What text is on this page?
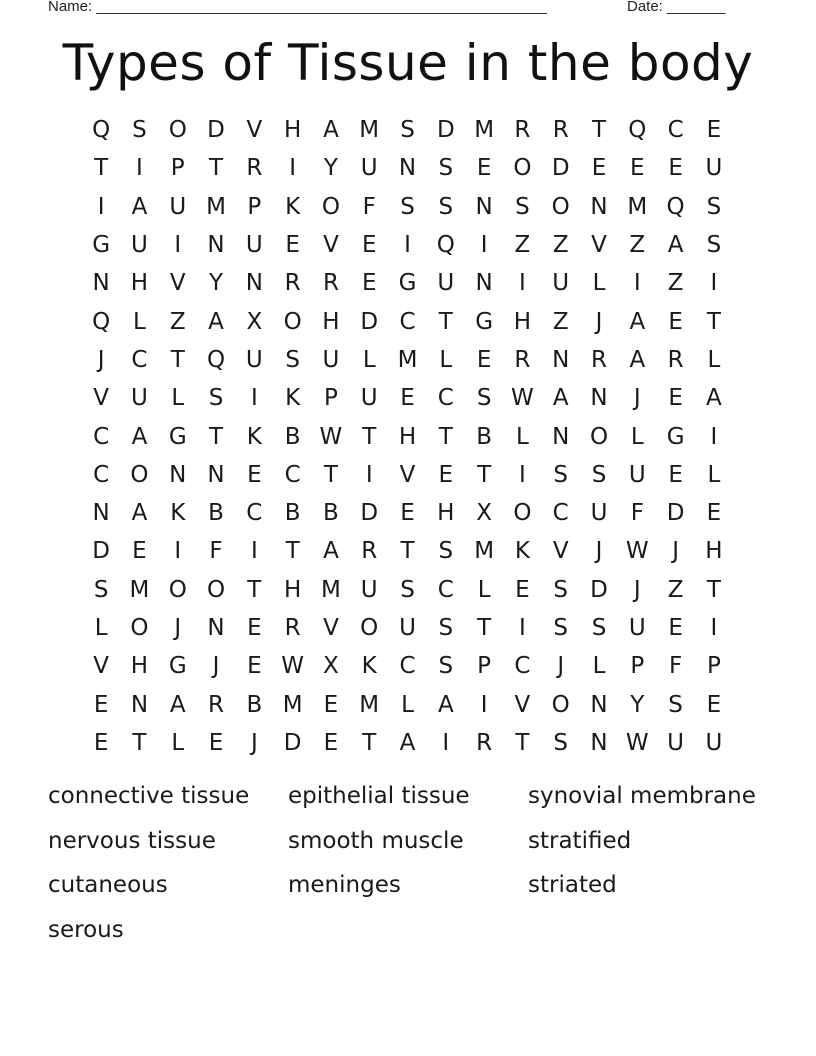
Name: ______________________________________________________	Date: _______
Types of Tissue in the body
Q S O D V H A M S D M R R	T Q C	E
T	I	P	T	R	I	Y U N S	E O D E	E	E U
I	A U M P	K O F	S	S N S O N M Q S
G U	I	N U E	V	E	I	Q	I	Z Z V Z A	S
N H V	Y N R R	E G U N	I	U	L	I	Z	I
Q L	Z A X O H D C	T G H Z	J	A	E	T
J	C	T Q U S U	L M L	E	R N R A R	L
V U	L	S	I	K	P U E C S W A N	J	E	A
C A G T	K B W T H T	B	L	N O L G	I
C O N N E C	T	I	V	E	T	I	S	S U E	L
N A K B C B B D E H X O C U	F D E
D E	I	F	I	T	A R	T	S M K V	J	W	J	H
S M O O T H M U S C	L	E	S D	J	Z	T
L O	J	N E	R V O U S	T	I	S	S U E	I
V H G	J	E W X K C S	P	C	J	L	P	F	P
E N A R B M E M L	A	I	V O N Y	S	E
E	T	L	E	J	D E	T	A	I	R	T	S N W U U
connective tissue	epithelial tissue	synovial membrane
nervous tissue	smooth muscle	stratified
cutaneous	meninges	striated
serous
